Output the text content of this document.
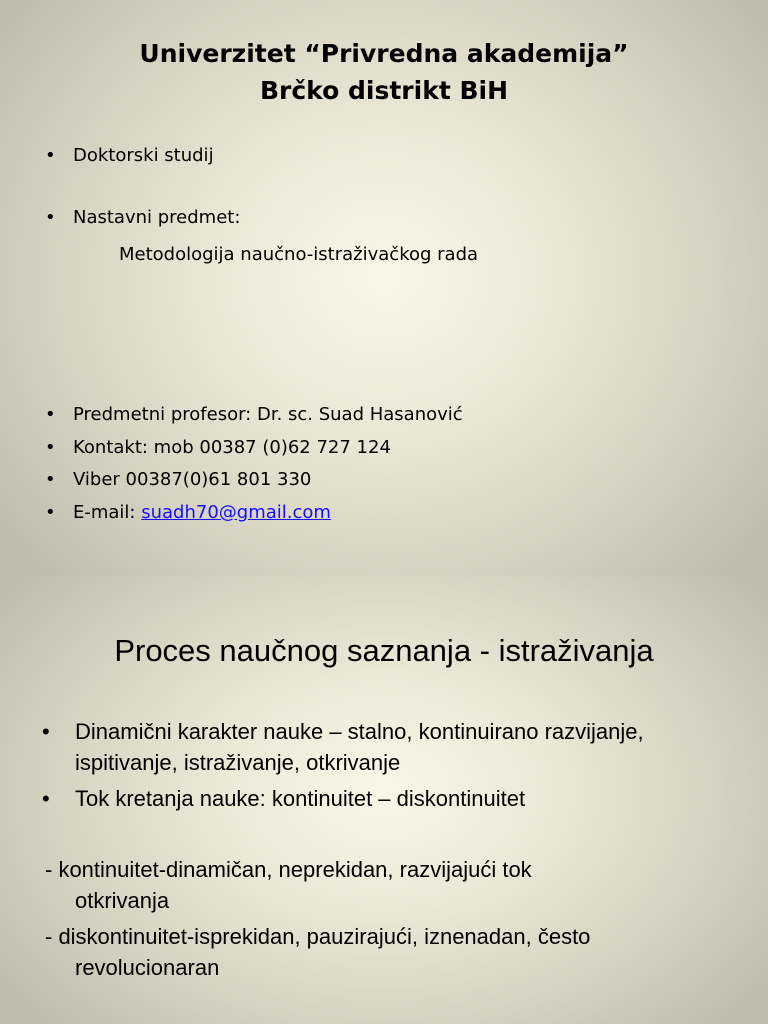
Univerzitet “Privredna akademija”
Brčko distrikt BiH
• Doktorski studij
• Nastavni predmet:
Metodologija naučno-istraživačkog rada
• Predmetni profesor: Dr. sc. Suad Hasanović
• Kontakt: mob 00387 (0)62 727 124
• Viber 00387(0)61 801 330
• E-mail: suadh70@gmail.com
Proces naučnog saznanja - istraživanja
• Dinamični karakter nauke – stalno, kontinuirano razvijanje, ispitivanje, istraživanje, otkrivanje
• Tok kretanja nauke: kontinuitet – diskontinuitet
- kontinuitet-dinamičan, neprekidan, razvijajući tok
otkrivanja
- diskontinuitet-isprekidan, pauzirajući, iznenadan, često
revolucionaran
